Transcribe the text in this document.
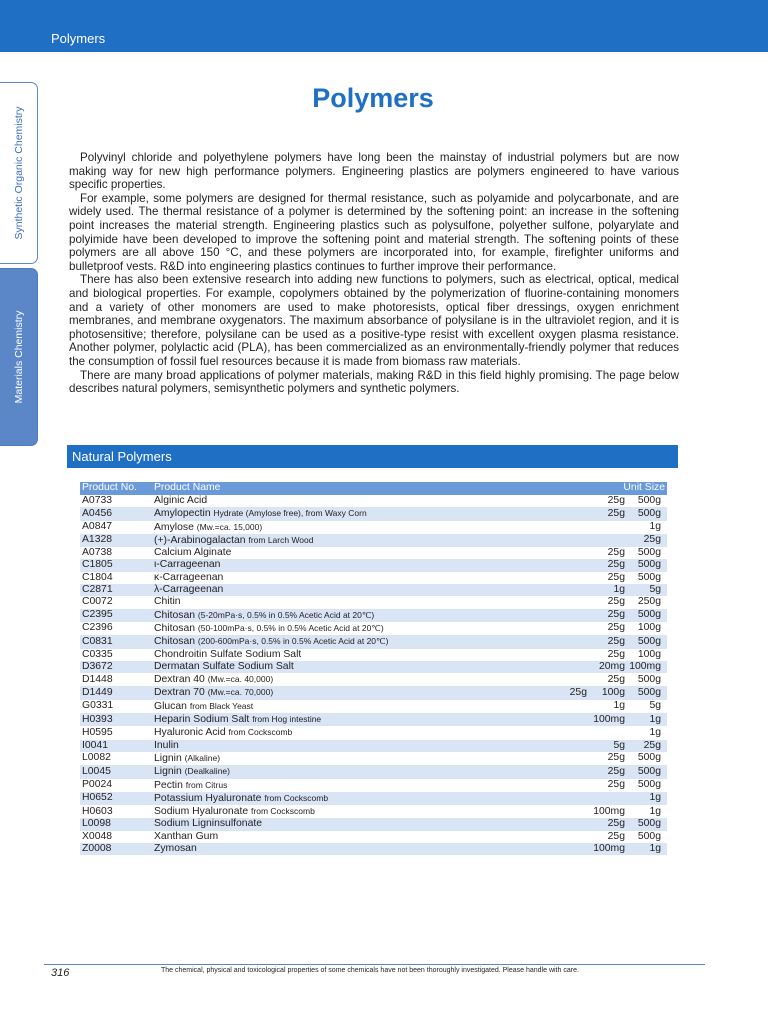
Polymers
Synthetic Organic Chemistry
Materials Chemistry
Polymers

Polyvinyl chloride and polyethylene polymers have long been the mainstay of industrial polymers but are now making way for new high performance polymers. Engineering plastics are polymers engineered to have various specific properties.

For example, some polymers are designed for thermal resistance, such as polyamide and polycarbonate, and are widely used. The thermal resistance of a polymer is determined by the softening point: an increase in the softening point increases the material strength. Engineering plastics such as polysulfone, polyether sulfone, polyarylate and polyimide have been developed to improve the softening point and material strength. The softening points of these polymers are all above 150 °C, and these polymers are incorporated into, for example, firefighter uniforms and bulletproof vests. R&D into engineering plastics continues to further improve their performance.

There has also been extensive research into adding new functions to polymers, such as electrical, optical, medical and biological properties. For example, copolymers obtained by the polymerization of fluorine-containing monomers and a variety of other monomers are used to make photoresists, optical fiber dressings, oxygen enrichment membranes, and membrane oxygenators. The maximum absorbance of polysilane is in the ultraviolet region, and it is photosensitive; therefore, polysilane can be used as a positive-type resist with excellent oxygen plasma resistance. Another polymer, polylactic acid (PLA), has been commercialized as an environmentally-friendly polymer that reduces the consumption of fossil fuel resources because it is made from biomass raw materials.

There are many broad applications of polymer materials, making R&D in this field highly promising. The page below describes natural polymers, semisynthetic polymers and synthetic polymers.

Natural Polymers
Product No.	Product Name	Unit Size			
A0733	Alginic Acid		25g	500g	
A0456	Amylopectin Hydrate (Amylose free), from Waxy Corn		25g	500g	
A0847	Amylose (Mw.=ca. 15,000)			1g	
A1328	(+)-Arabinogalactan from Larch Wood			25g	
A0738	Calcium Alginate		25g	500g	
C1805	ι-Carrageenan		25g	500g	
C1804	κ-Carrageenan		25g	500g	
C2871	λ-Carrageenan		1g	5g	
C0072	Chitin		25g	250g	
C2395	Chitosan (5-20mPa·s, 0.5% in 0.5% Acetic Acid at 20℃)		25g	500g	
C2396	Chitosan (50-100mPa·s, 0.5% in 0.5% Acetic Acid at 20℃)		25g	100g	
C0831	Chitosan (200-600mPa·s, 0.5% in 0.5% Acetic Acid at 20℃)		25g	500g	
C0335	Chondroitin Sulfate Sodium Salt		25g	100g	
D3672	Dermatan Sulfate Sodium Salt		20mg	100mg	
D1448	Dextran 40 (Mw.=ca. 40,000)		25g	500g	
D1449	Dextran 70 (Mw.=ca. 70,000)	25g	100g	500g	
G0331	Glucan from Black Yeast		1g	5g	
H0393	Heparin Sodium Salt from Hog intestine		100mg	1g	
H0595	Hyaluronic Acid from Cockscomb			1g	
I0041	Inulin		5g	25g	
L0082	Lignin (Alkaline)		25g	500g	
L0045	Lignin (Dealkaline)		25g	500g	
P0024	Pectin from Citrus		25g	500g	
H0652	Potassium Hyaluronate from Cockscomb			1g	
H0603	Sodium Hyaluronate from Cockscomb		100mg	1g	
L0098	Sodium Ligninsulfonate		25g	500g	
X0048	Xanthan Gum		25g	500g	
Z0008	Zymosan		100mg	1g	
316	The chemical, physical and toxicological properties of some chemicals have not been thoroughly investigated. Please handle with care.
